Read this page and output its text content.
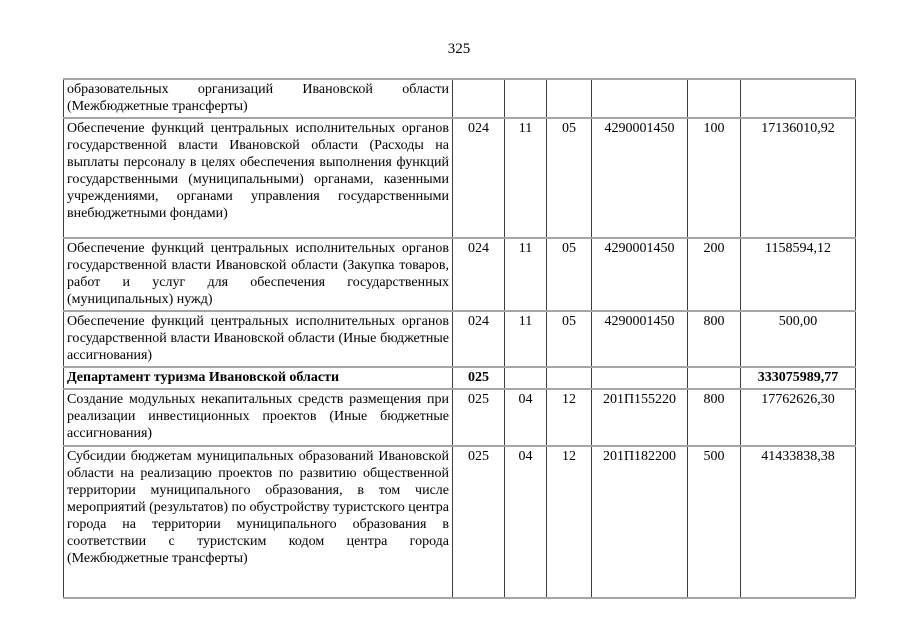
325
образовательных организаций Ивановской области (Межбюджетные трансферты)						
Обеспечение функций центральных исполнительных органов государственной власти Ивановской области (Расходы на выплаты персоналу в целях обеспечения выполнения функций государственными (муниципальными) органами, казенными учреждениями, органами управления государственными внебюджетными фондами)	024	11	05	4290001450	100	17136010,92
Обеспечение функций центральных исполнительных органов государственной власти Ивановской области (Закупка товаров, работ и услуг для обеспечения государственных (муниципальных) нужд)	024	11	05	4290001450	200	1158594,12
Обеспечение функций центральных исполнительных органов государственной власти Ивановской области (Иные бюджетные ассигнования)	024	11	05	4290001450	800	500,00
Департамент туризма Ивановской области	025					333075989,77
Создание модульных некапитальных средств размещения при реализации инвестиционных проектов (Иные бюджетные ассигнования)	025	04	12	201П155220	800	17762626,30
Субсидии бюджетам муниципальных образований Ивановской области на реализацию проектов по развитию общественной территории муниципального образования, в том числе мероприятий (результатов) по обустройству туристского центра города на территории муниципального образования в соответствии с туристским кодом центра города (Межбюджетные трансферты)	025	04	12	201П182200	500	41433838,38
